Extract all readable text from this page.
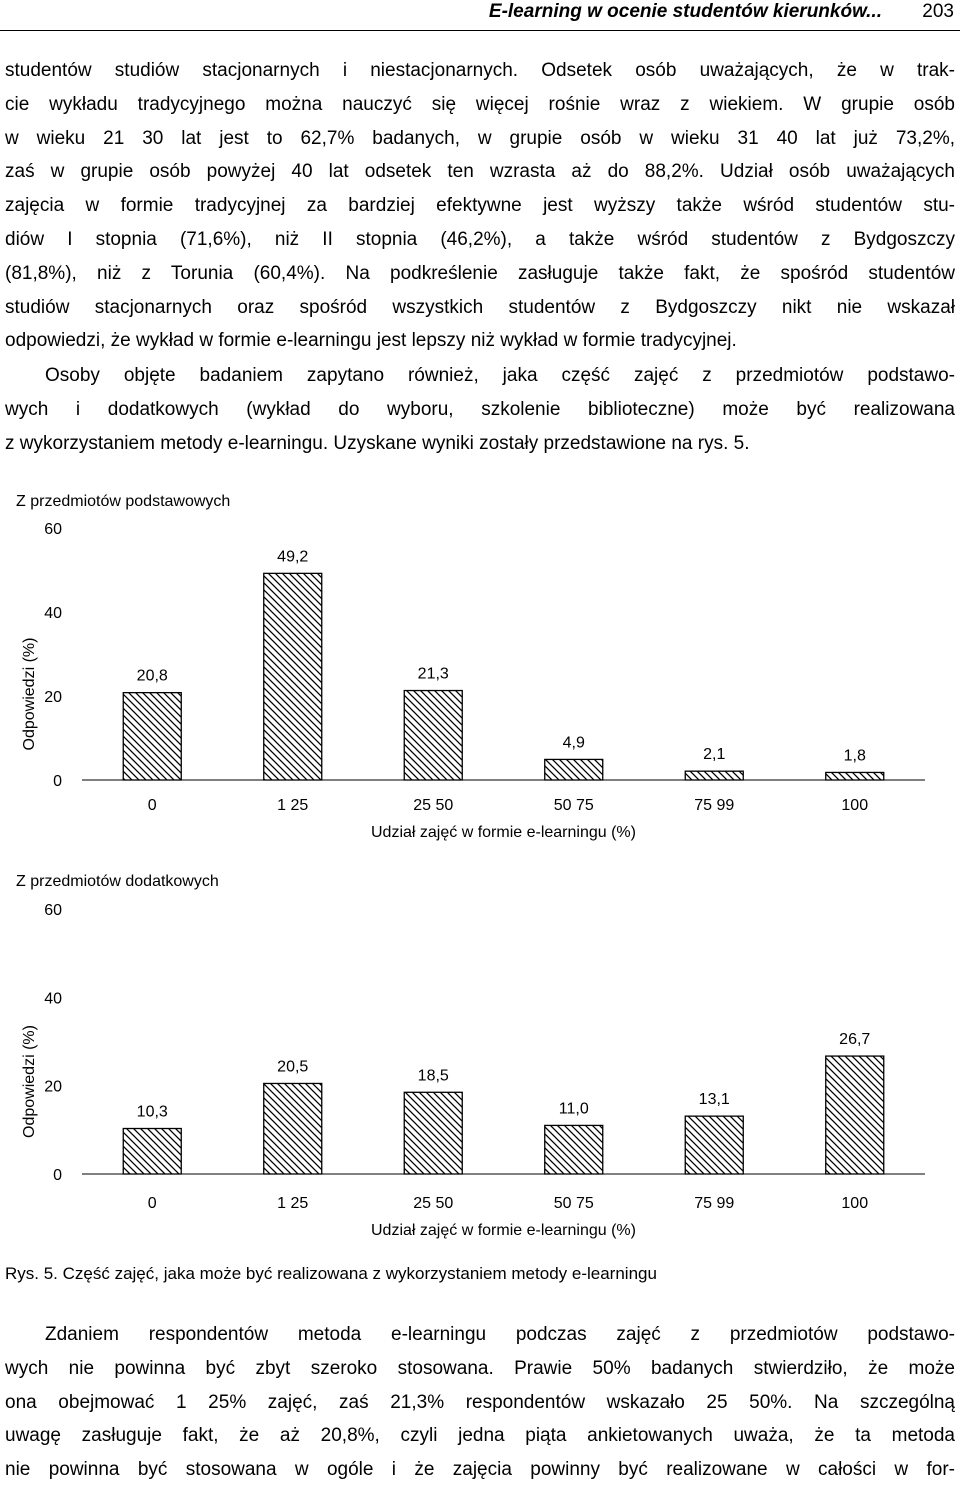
E-learning w ocenie studentów kierunków... 203
studentów studiów stacjonarnych i niestacjonarnych. Odsetek osób uważających, że w trak-
cie wykładu tradycyjnego można nauczyć się więcej rośnie wraz z wiekiem. W grupie osób
w wieku 21 30 lat jest to 62,7% badanych, w grupie osób w wieku 31 40 lat już 73,2%,
zaś w grupie osób powyżej 40 lat odsetek ten wzrasta aż do 88,2%. Udział osób uważających
zajęcia w formie tradycyjnej za bardziej efektywne jest wyższy także wśród studentów stu-
diów I stopnia (71,6%), niż II stopnia (46,2%), a także wśród studentów z Bydgoszczy
(81,8%), niż z Torunia (60,4%). Na podkreślenie zasługuje także fakt, że spośród studentów
studiów stacjonarnych oraz spośród wszystkich studentów z Bydgoszczy nikt nie wskazał
odpowiedzi, że wykład w formie e-learningu jest lepszy niż wykład w formie tradycyjnej.
Osoby objęte badaniem zapytano również, jaka część zajęć z przedmiotów podstawo-
wych i dodatkowych (wykład do wyboru, szkolenie biblioteczne) może być realizowana
z wykorzystaniem metody e-learningu. Uzyskane wyniki zostały przedstawione na rys. 5.
Z przedmiotów podstawowych
0
20
40
60
Odpowiedzi (%)	20,8
0
49,2
1 25
21,3
25 50
4,9
50 75
2,1
75 99
1,8
100
Udział zajęć w formie e-learningu (%)
Z przedmiotów dodatkowych
0
20
40
60
Odpowiedzi (%)	10,3
0
20,5
1 25
18,5
25 50
11,0
50 75
13,1
75 99
26,7
100
Udział zajęć w formie e-learningu (%)

Rys. 5. Część zajęć, jaka może być realizowana z wykorzystaniem metody e-learningu

Zdaniem respondentów metoda e-learningu podczas zajęć z przedmiotów podstawo-
wych nie powinna być zbyt szeroko stosowana. Prawie 50% badanych stwierdziło, że może
ona obejmować 1 25% zajęć, zaś 21,3% respondentów wskazało 25 50%. Na szczególną
uwagę zasługuje fakt, że aż 20,8%, czyli jedna piąta ankietowanych uważa, że ta metoda
nie powinna być stosowana w ogóle i że zajęcia powinny być realizowane w całości w for-
